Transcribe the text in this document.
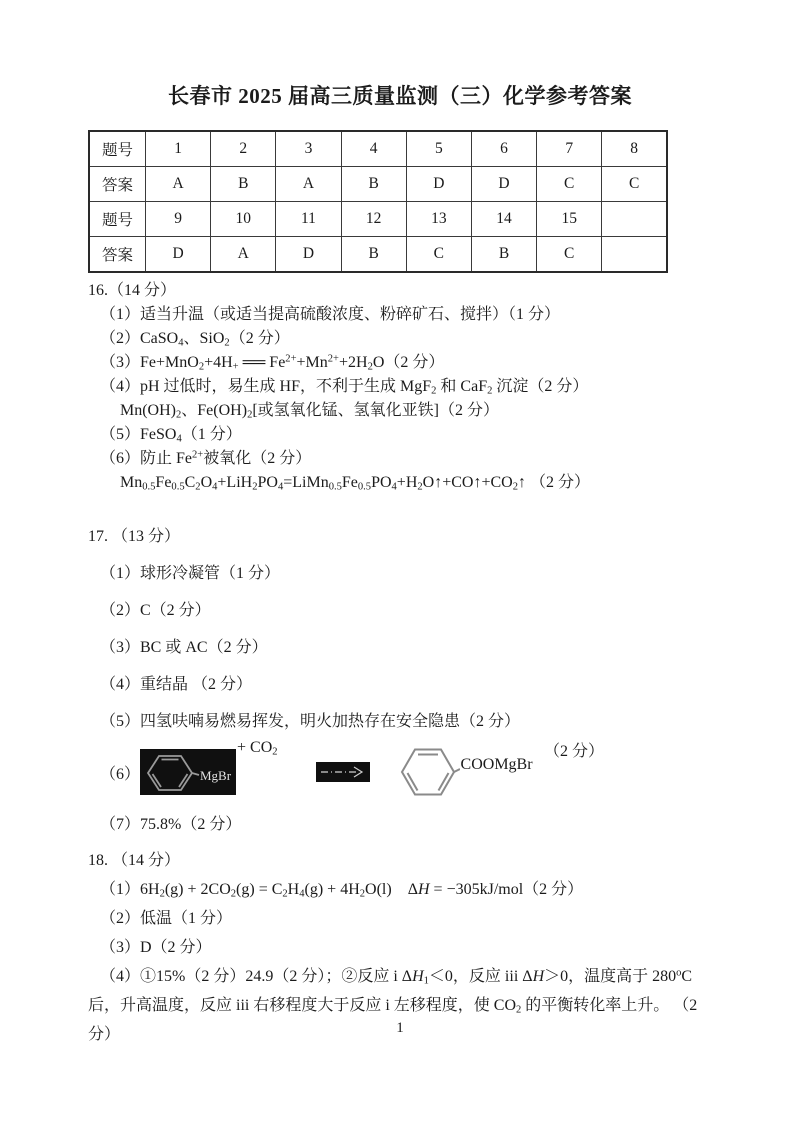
长春市 2025 届高三质量监测（三）化学参考答案
题号	1	2	3	4	5	6	7	8
答案	A	B	A	B	D	D	C	C
题号	9	10	11	12	13	14	15	
答案	D	A	D	B	C	B	C	
16.（14 分）
（1）适当升温（或适当提高硫酸浓度、粉碎矿石、搅拌）（1 分）
（2）CaSO$_4$、SiO$_2$（2 分）
$(3)Fe+MnO_2+4H_+$ ══ $Fe^{2+}+Mn^{2+}+2H_2O(2$ 分）
（4）pH 过低时，易生成 HF，不利于生成 MgF$_2$ 和 CaF$_2$ 沉淀（2 分）
$Mn(OH)_2$、$Fe(OH)_2$[或氢氧化锰、氢氧化亚铁]（2 分）
（5）FeSO$_4$（1 分）
（6）防止 $Fe^{2+}$被氧化（2 分）
$Mn_{0.5}Fe_{0.5}C_2O_4+LiH_2PO_4=LiMn_{0.5}Fe_{0.5}PO_4+H_2O↑+CO↑+CO_2↑$ （2 分）
17. （13 分）
（1）球形冷凝管（1 分）
（2）C（2 分）
（3）BC 或 AC（2 分）
（4）重结晶 （2 分）
（5）四氢呋喃易燃易挥发，明火加热存在安全隐患（2 分）
（6）	MgBr
+ $CO_2$
COOMgBr
（2 分）
（7）75.8%（2 分）
18. （14 分）
$(1)6H_2(g) + 2CO_2(g) = C_2H_4(g) + 4H_2O(l)$　ΔH = −305kJ/mol（2 分）
（2）低温（1 分）
（3）D（2 分）
（4）①15%（2 分）24.9（2 分）；②反应 i $\Delta H_1<0$，反应 iii ΔH＞0，温度高于 280$^o$C 后，升高温度，反应 iii 右移程度大于反应 i 左移程度，使 $CO_2$ 的平衡转化率上升。 （2 分）	1
